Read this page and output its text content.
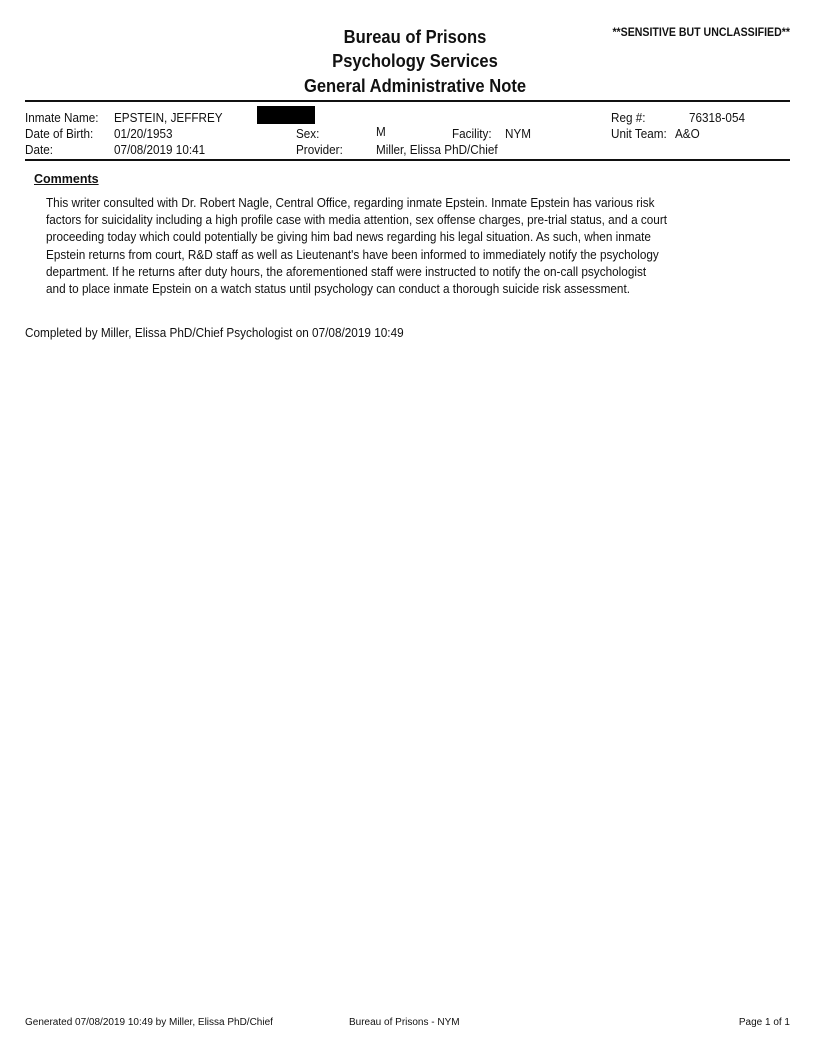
Bureau of Prisons
Psychology Services
General Administrative Note
**SENSITIVE BUT UNCLASSIFIED**
Inmate Name: EPSTEIN, JEFFREY
Date of Birth: 01/20/1953
Date:	07/08/2019 10:41
Sex:	M	Facility: NYM
Provider:	Miller, Elissa PhD/Chief
Reg #:	76318-054
Unit Team: A&O
Comments
This writer consulted with Dr. Robert Nagle, Central Office, regarding inmate Epstein. Inmate Epstein has various risk
factors for suicidality including a high profile case with media attention, sex offense charges, pre-trial status, and a court
proceeding today which could potentially be giving him bad news regarding his legal situation. As such, when inmate
Epstein returns from court, R&D staff as well as Lieutenant's have been informed to immediately notify the psychology
department. If he returns after duty hours, the aforementioned staff were instructed to notify the on-call psychologist
and to place inmate Epstein on a watch status until psychology can conduct a thorough suicide risk assessment.
Completed by Miller, Elissa PhD/Chief Psychologist on 07/08/2019 10:49
Generated 07/08/2019 10:49 by Miller, Elissa PhD/Chief	Bureau of Prisons - NYM	Page 1 of 1
